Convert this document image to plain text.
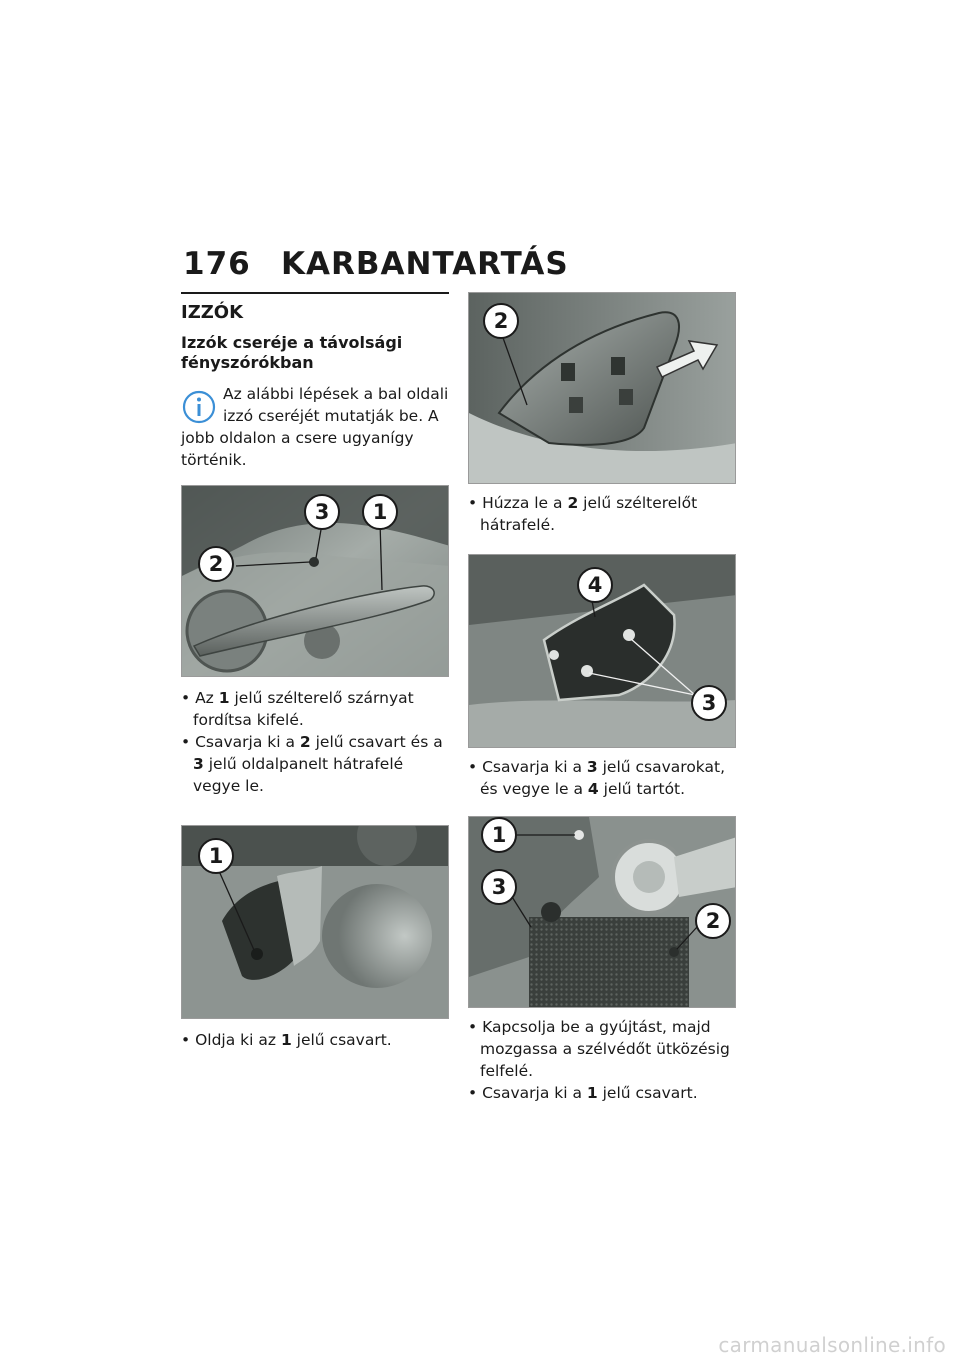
176 KARBANTARTÁS
IZZÓK
Izzók cseréje a távolsági fényszórókban
Az alábbi lépések a bal oldali izzó cseréjét mutatják be. A jobb oldalon a csere ugyanígy történik.
3	1
2
• Az 1 jelű szélterelő szárnyat fordítsa kifelé.
• Csavarja ki a 2 jelű csavart és a 3 jelű oldalpanelt hátrafelé vegye le.
1
• Oldja ki az 1 jelű csavart.
2
• Húzza le a 2 jelű szélterelőt hátrafelé.
4
3
• Csavarja ki a 3 jelű csavarokat, és vegye le a 4 jelű tartót.
1
3
2
• Kapcsolja be a gyújtást, majd mozgassa a szélvédőt ütközésig felfelé.
• Csavarja ki a 1 jelű csavart.
carmanualsonline.info
